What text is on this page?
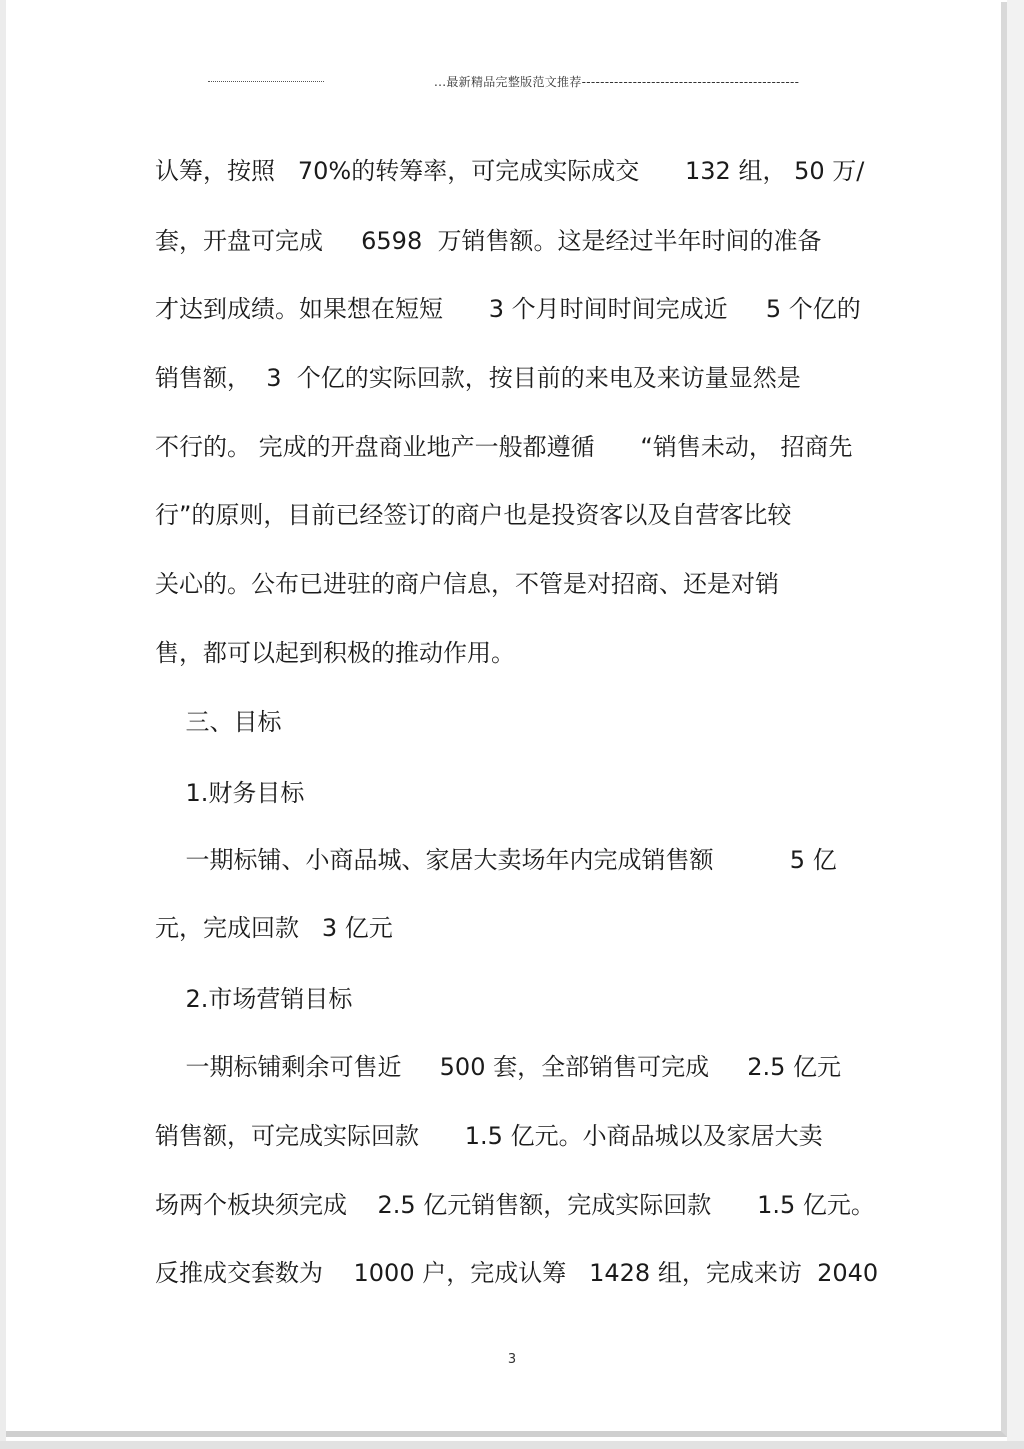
...最新精品完整版范文推荐-----------------------------------------------
认筹，按照   70%的转筹率，可完成实际成交      132 组， 50 万/
套，开盘可完成     6598  万销售额。这是经过半年时间的准备
才达到成绩。如果想在短短      3 个月时间时间完成近     5 个亿的
销售额，  3  个亿的实际回款，按目前的来电及来访量显然是
不行的。 完成的开盘商业地产一般都遵循      “销售未动， 招商先
行”的原则，目前已经签订的商户也是投资客以及自营客比较
关心的。公布已进驻的商户信息，不管是对招商、还是对销
售，都可以起到积极的推动作用。
三、目标
1.财务目标
一期标铺、小商品城、家居大卖场年内完成销售额          5 亿
元，完成回款   3 亿元
2.市场营销目标
一期标铺剩余可售近     500 套，全部销售可完成     2.5 亿元
销售额，可完成实际回款      1.5 亿元。小商品城以及家居大卖
场两个板块须完成    2.5 亿元销售额，完成实际回款      1.5 亿元。
反推成交套数为    1000 户，完成认筹   1428 组，完成来访  2040
3
